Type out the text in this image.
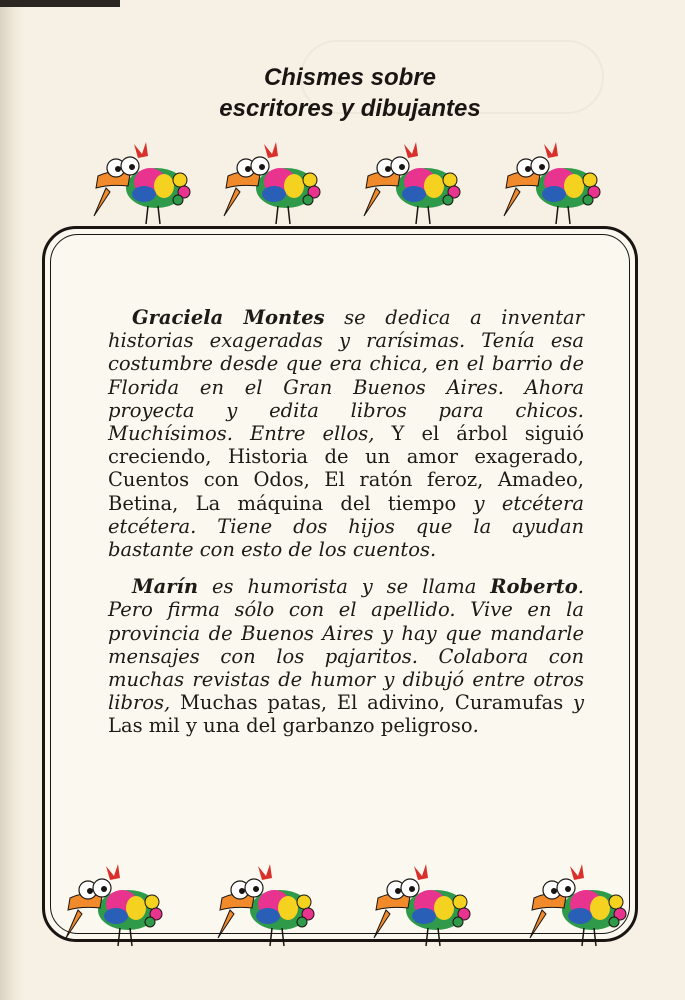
Chismes sobre
escritores y dibujantes

Graciela Montes se dedica a inventar historias exageradas y rarísimas. Tenía esa costumbre desde que era chica, en el barrio de Florida en el Gran Buenos Aires. Ahora proyecta y edita libros para chicos. Muchísimos. Entre ellos, Y el árbol siguió creciendo, Historia de un amor exagerado, Cuentos con Odos, El ratón feroz, Amadeo, Betina, La máquina del tiempo y etcétera etcétera. Tiene dos hijos que la ayudan bastante con esto de los cuentos.

Marín es humorista y se llama Roberto. Pero firma sólo con el apellido. Vive en la provincia de Buenos Aires y hay que mandarle mensajes con los pajaritos. Colabora con muchas revistas de humor y dibujó entre otros libros, Muchas patas, El adivino, Curamufas y Las mil y una del garbanzo peligroso.
